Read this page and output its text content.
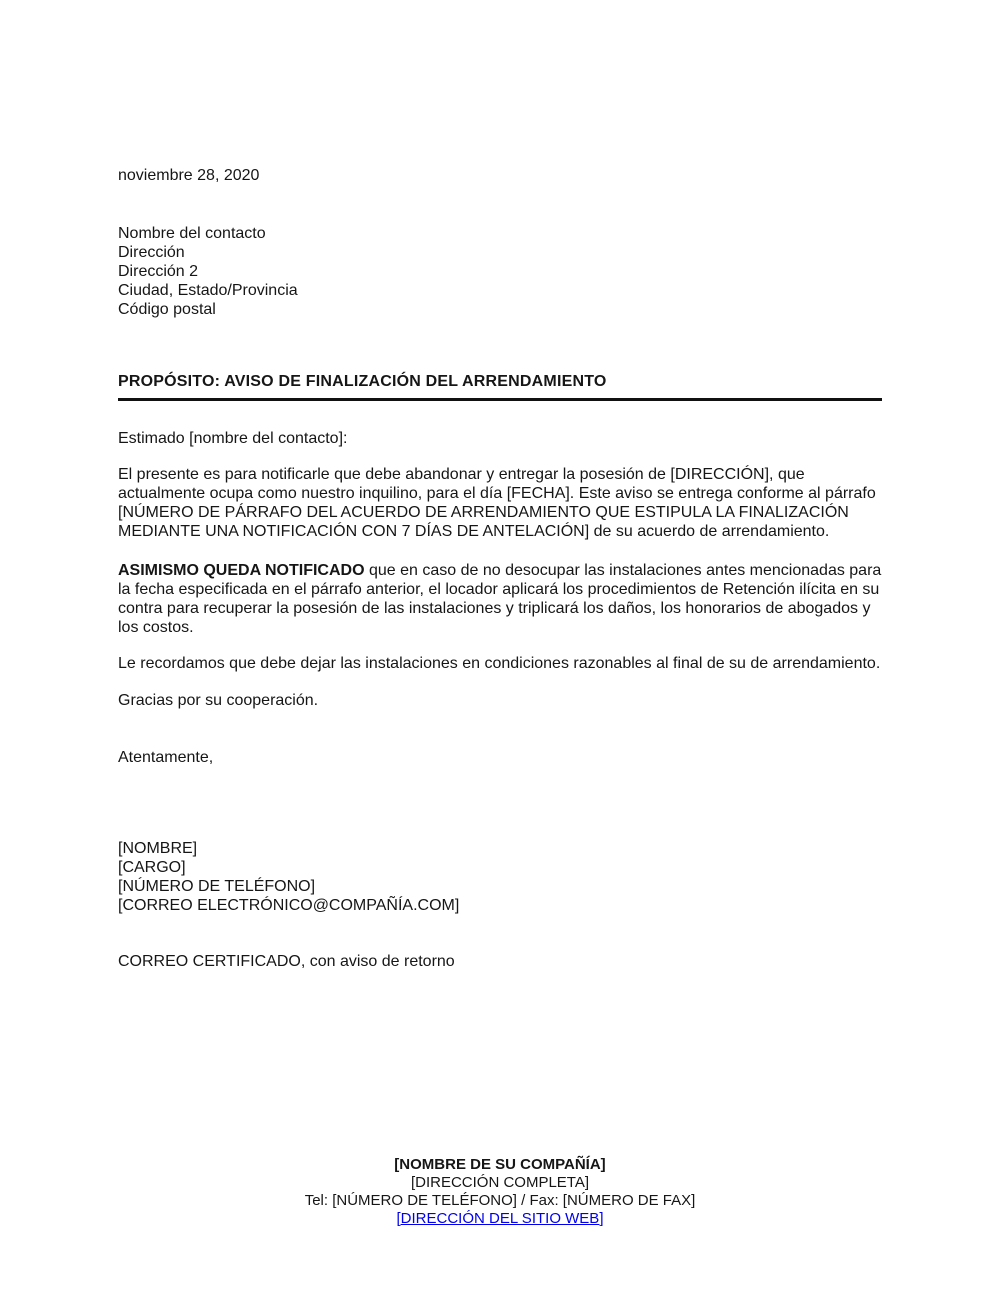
noviembre 28, 2020
Nombre del contacto
Dirección
Dirección 2
Ciudad, Estado/Provincia
Código postal
PROPÓSITO: AVISO DE FINALIZACIÓN DEL ARRENDAMIENTO
Estimado [nombre del contacto]:

El presente es para notificarle que debe abandonar y entregar la posesión de [DIRECCIÓN], que actualmente ocupa como nuestro inquilino, para el día [FECHA]. Este aviso se entrega conforme al párrafo [NÚMERO DE PÁRRAFO DEL ACUERDO DE ARRENDAMIENTO QUE ESTIPULA LA FINALIZACIÓN MEDIANTE UNA NOTIFICACIÓN CON 7 DÍAS DE ANTELACIÓN] de su acuerdo de arrendamiento.

ASIMISMO QUEDA NOTIFICADO que en caso de no desocupar las instalaciones antes mencionadas para la fecha especificada en el párrafo anterior, el locador aplicará los procedimientos de Retención ilícita en su contra para recuperar la posesión de las instalaciones y triplicará los daños, los honorarios de abogados y los costos.

Le recordamos que debe dejar las instalaciones en condiciones razonables al final de su de arrendamiento.

Gracias por su cooperación.

Atentamente,
[NOMBRE]
[CARGO]
[NÚMERO DE TELÉFONO]
[CORREO ELECTRÓNICO@COMPAÑÍA.COM]
CORREO CERTIFICADO, con aviso de retorno
[NOMBRE DE SU COMPAÑÍA]
[DIRECCIÓN COMPLETA]
Tel: [NÚMERO DE TELÉFONO] / Fax: [NÚMERO DE FAX]
[DIRECCIÓN DEL SITIO WEB]
